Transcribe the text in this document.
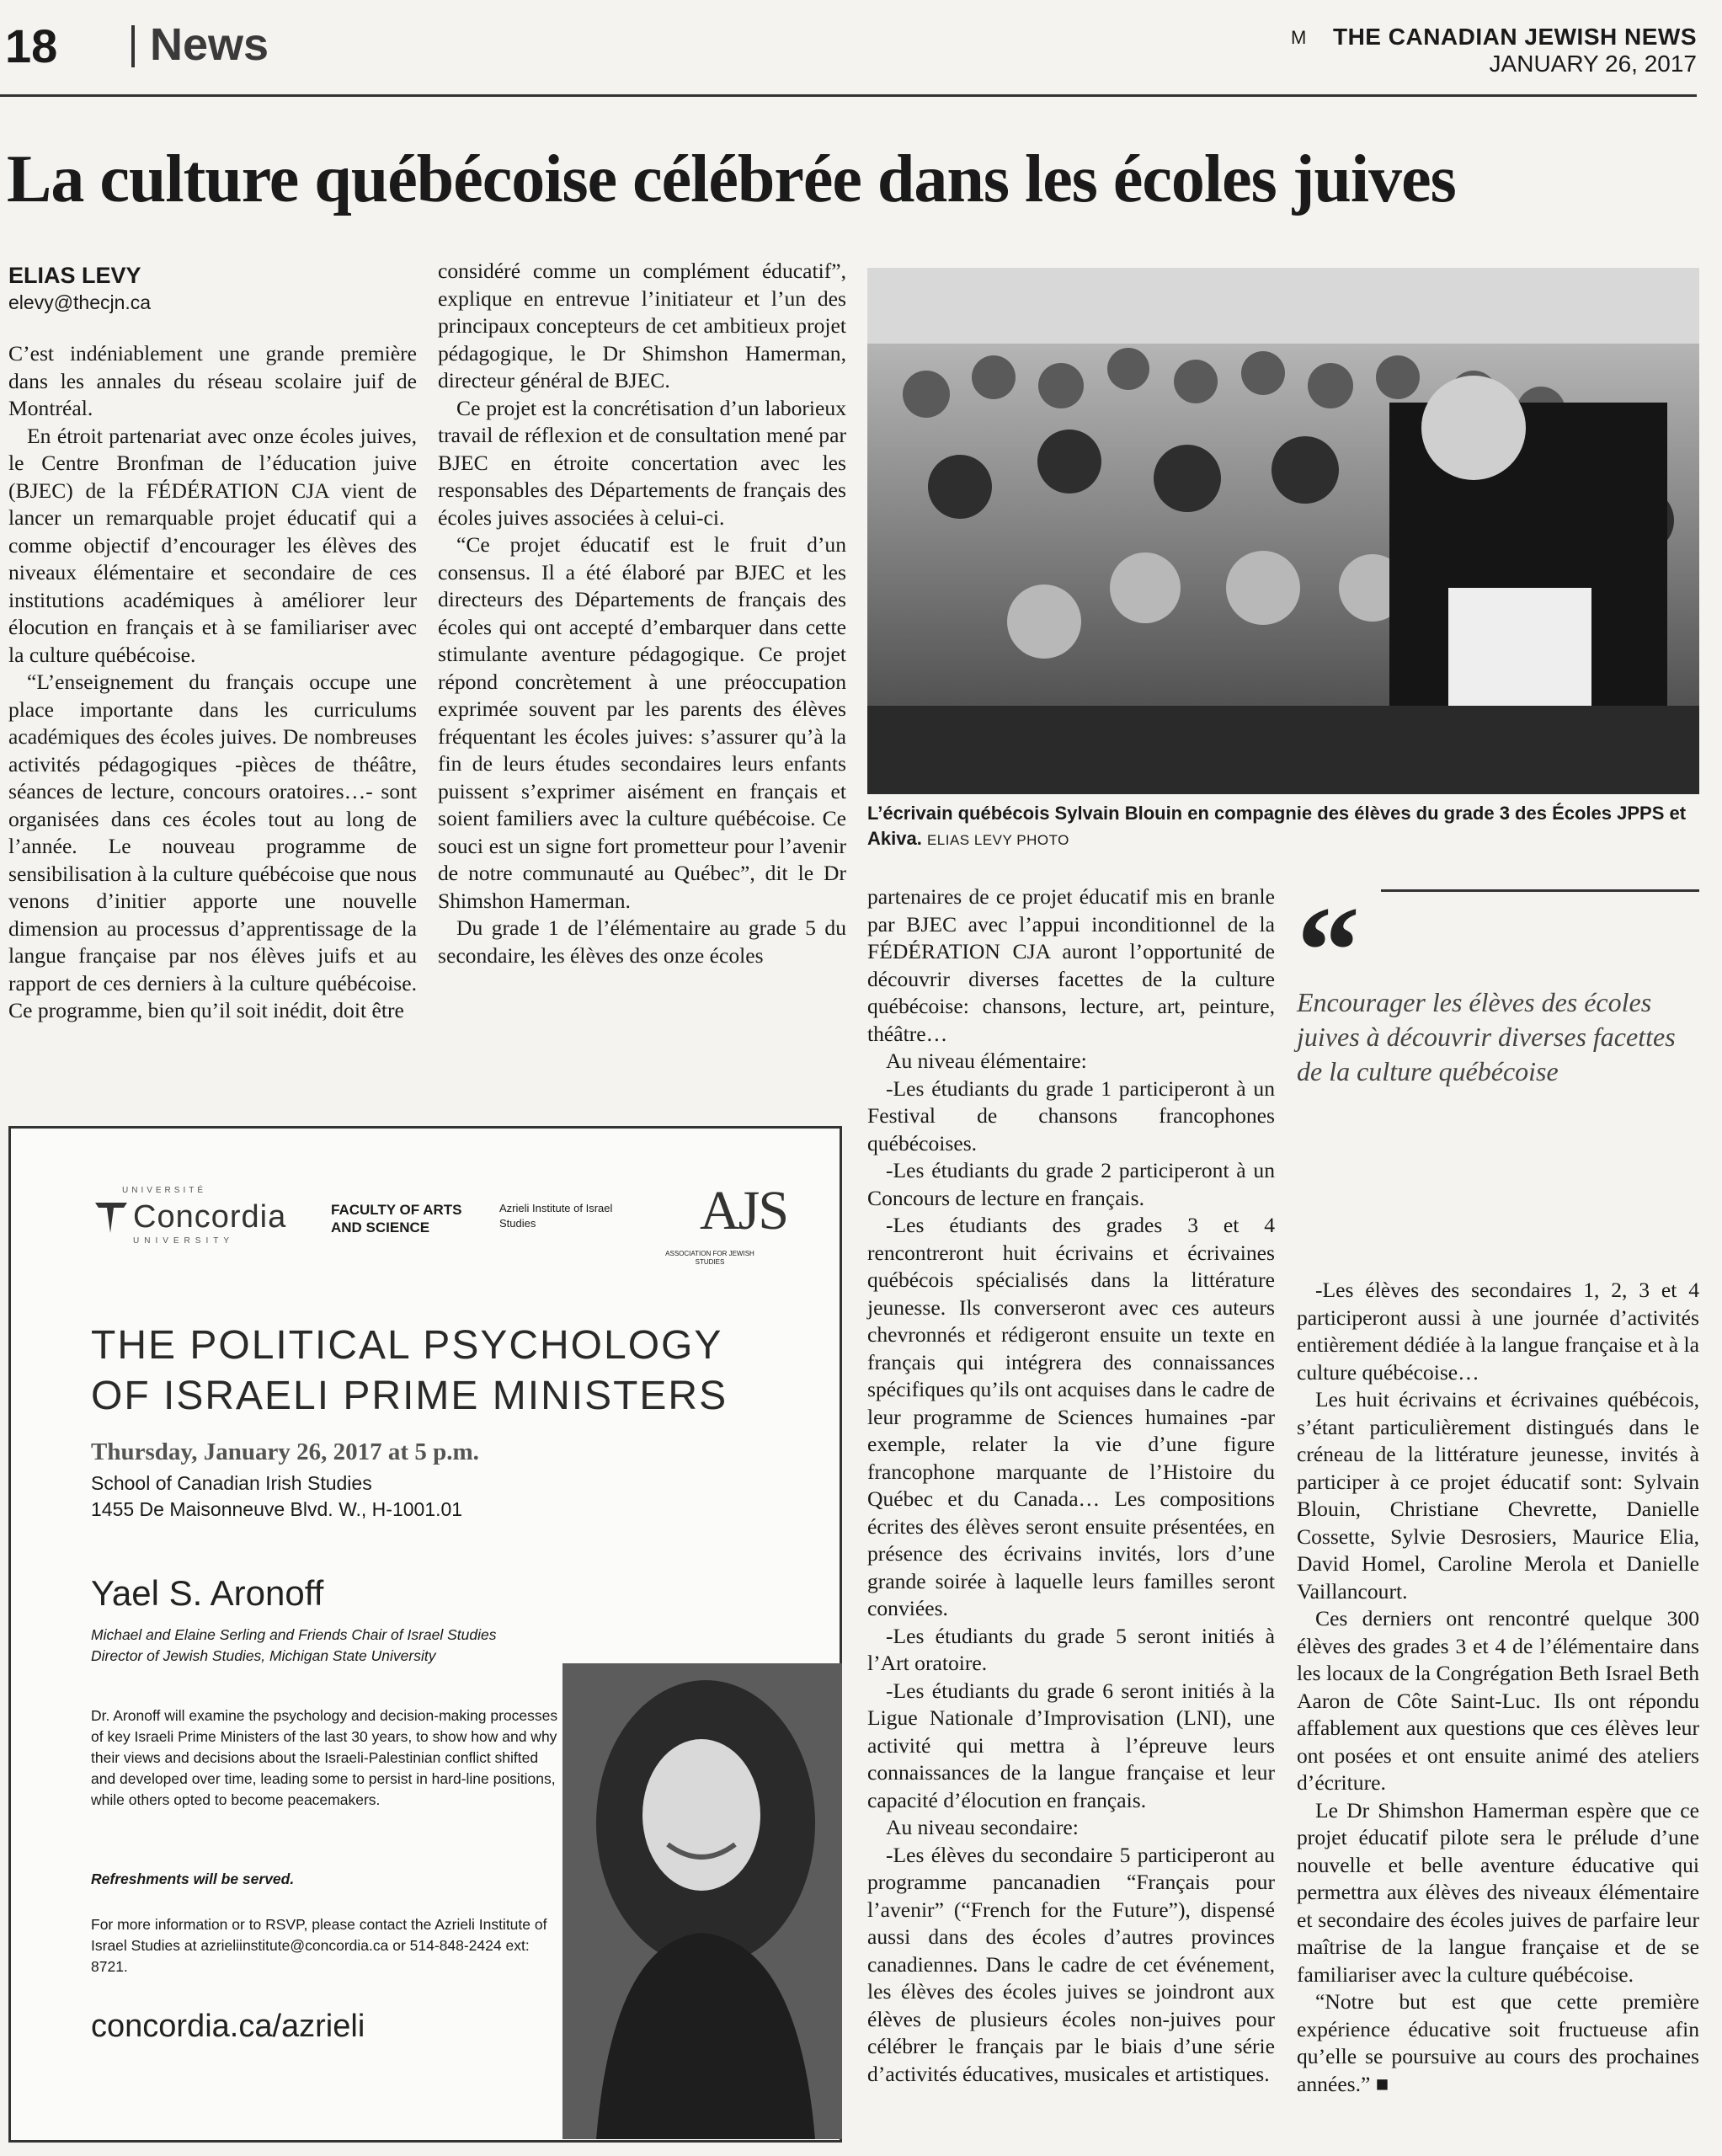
18 News	M THE CANADIAN JEWISH NEWS
JANUARY 26, 2017
La culture québécoise célébrée dans les écoles juives
ELIAS LEVY
elevy@thecjn.ca

C’est indéniablement une grande première dans les annales du réseau scolaire juif de Montréal.

En étroit partenariat avec onze écoles juives, le Centre Bronfman de l’éducation juive (BJEC) de la FÉDÉRATION CJA vient de lancer un remarquable projet éducatif qui a comme objectif d’encourager les élèves des niveaux élémentaire et secondaire de ces institutions académiques à améliorer leur élocution en français et à se familiariser avec la culture québécoise.

“L’enseignement du français occupe une place importante dans les curriculums académiques des écoles juives. De nombreuses activités pédagogiques -pièces de théâtre, séances de lecture, concours oratoires…- sont organisées dans ces écoles tout au long de l’année. Le nouveau programme de sensibilisation à la culture québécoise que nous venons d’initier apporte une nouvelle dimension au processus d’apprentissage de la langue française par nos élèves juifs et au rapport de ces derniers à la culture québécoise. Ce programme, bien qu’il soit inédit, doit être

considéré comme un complément éducatif”, explique en entrevue l’initiateur et l’un des principaux concepteurs de cet ambitieux projet pédagogique, le Dr Shimshon Hamerman, directeur général de BJEC.

Ce projet est la concrétisation d’un laborieux travail de réflexion et de consultation mené par BJEC en étroite concertation avec les responsables des Départements de français des écoles juives associées à celui-ci.

“Ce projet éducatif est le fruit d’un consensus. Il a été élaboré par BJEC et les directeurs des Départements de français des écoles qui ont accepté d’embarquer dans cette stimulante aventure pédagogique. Ce projet répond concrètement à une préoccupation exprimée souvent par les parents des élèves fréquentant les écoles juives: s’assurer qu’à la fin de leurs études secondaires leurs enfants puissent s’exprimer aisément en français et soient familiers avec la culture québécoise. Ce souci est un signe fort prometteur pour l’avenir de notre communauté au Québec”, dit le Dr Shimshon Hamerman.

Du grade 1 de l’élémentaire au grade 5 du secondaire, les élèves des onze écoles

L’écrivain québécois Sylvain Blouin en compagnie des élèves du grade 3 des Écoles JPPS et Akiva. ELIAS LEVY PHOTO

partenaires de ce projet éducatif mis en branle par BJEC avec l’appui inconditionnel de la FÉDÉRATION CJA auront l’opportunité de découvrir diverses facettes de la culture québécoise: chansons, lecture, art, peinture, théâtre…

Au niveau élémentaire:

-Les étudiants du grade 1 participeront à un Festival de chansons francophones québécoises.

-Les étudiants du grade 2 participeront à un Concours de lecture en français.

-Les étudiants des grades 3 et 4 rencontreront huit écrivains et écrivaines québécois spécialisés dans la littérature jeunesse. Ils converseront avec ces auteurs chevronnés et rédigeront ensuite un texte en français qui intégrera des connaissances spécifiques qu’ils ont acquises dans le cadre de leur programme de Sciences humaines -par exemple, relater la vie d’une figure francophone marquante de l’Histoire du Québec et du Canada… Les compositions écrites des élèves seront ensuite présentées, en présence des écrivains invités, lors d’une grande soirée à laquelle leurs familles seront conviées.

-Les étudiants du grade 5 seront initiés à l’Art oratoire.

-Les étudiants du grade 6 seront initiés à la Ligue Nationale d’Improvisation (LNI), une activité qui mettra à l’épreuve leurs connaissances de la langue française et leur capacité d’élocution en français.

Au niveau secondaire:

-Les élèves du secondaire 5 participeront au programme pancanadien “Français pour l’avenir” (“French for the Future”), dispensé aussi dans des écoles d’autres provinces canadiennes. Dans le cadre de cet événement, les élèves des écoles juives se joindront aux élèves de plusieurs écoles non-juives pour célébrer le français par le biais d’une série d’activités éducatives, musicales et artistiques.

“
Encourager les élèves des écoles juives à découvrir diverses facettes de la culture québécoise

-Les élèves des secondaires 1, 2, 3 et 4 participeront aussi à une journée d’activités entièrement dédiée à la langue française et à la culture québécoise…

Les huit écrivains et écrivaines québécois, s’étant particulièrement distingués dans le créneau de la littérature jeunesse, invités à participer à ce projet éducatif sont: Sylvain Blouin, Christiane Chevrette, Danielle Cossette, Sylvie Desrosiers, Maurice Elia, David Homel, Caroline Merola et Danielle Vaillancourt.

Ces derniers ont rencontré quelque 300 élèves des grades 3 et 4 de l’élémentaire dans les locaux de la Congrégation Beth Israel Beth Aaron de Côte Saint-Luc. Ils ont répondu affablement aux questions que ces élèves leur ont posées et ont ensuite animé des ateliers d’écriture.

Le Dr Shimshon Hamerman espère que ce projet éducatif pilote sera le prélude d’une nouvelle et belle aventure éducative qui permettra aux élèves des niveaux élémentaire et secondaire des écoles juives de parfaire leur maîtrise de la langue française et de se familiariser avec la culture québécoise.

“Notre but est que cette première expérience éducative soit fructueuse afin qu’elle se poursuive au cours des prochaines années.” ■

UNIVERSITÉ
Concordia
UNIVERSITY
FACULTY OF ARTS AND SCIENCE
Azrieli Institute of Israel Studies	AJS
ASSOCIATION FOR JEWISH STUDIES
THE POLITICAL PSYCHOLOGY
OF ISRAELI PRIME MINISTERS
Thursday, January 26, 2017 at 5 p.m.
School of Canadian Irish Studies
1455 De Maisonneuve Blvd. W., H-1001.01
Yael S. Aronoff
Michael and Elaine Serling and Friends Chair of Israel Studies
Director of Jewish Studies, Michigan State University
Dr. Aronoff will examine the psychology and decision-making processes of key Israeli Prime Ministers of the last 30 years, to show how and why their views and decisions about the Israeli-Palestinian conflict shifted and developed over time, leading some to persist in hard-line positions, while others opted to become peacemakers.
Refreshments will be served.
For more information or to RSVP, please contact the Azrieli Institute of Israel Studies at azrieliinstitute@concordia.ca or 514-848-2424 ext: 8721.
concordia.ca/azrieli
